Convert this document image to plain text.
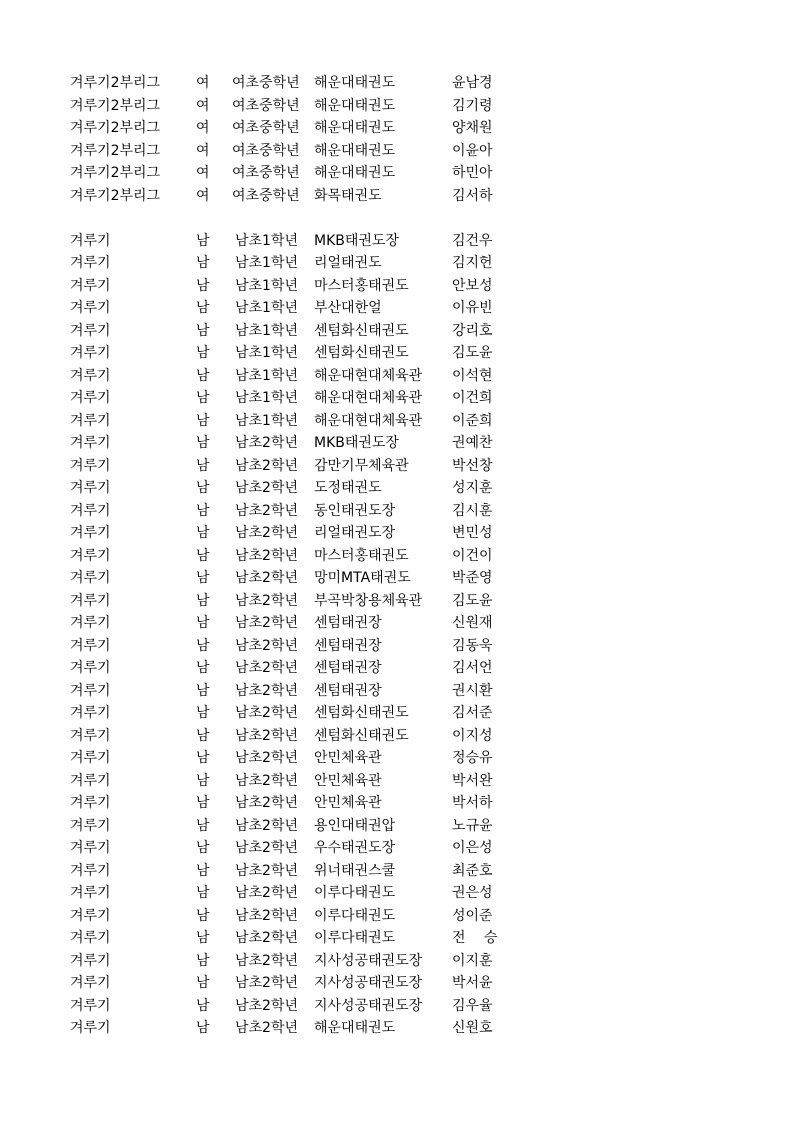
겨루기2부리그	여 여초중학년 해운대태권도	윤남경
겨루기2부리그	여 여초중학년 해운대태권도	김기령
겨루기2부리그	여 여초중학년 해운대태권도	양채원
겨루기2부리그	여 여초중학년 해운대태권도	이윤아
겨루기2부리그	여 여초중학년 해운대태권도	하민아
겨루기2부리그	여 여초중학년 화목태권도	김서하
겨루기	남 남초1학년 MKB태권도장	김건우
겨루기	남 남초1학년 리얼태권도	김지헌
겨루기	남 남초1학년 마스터홍태권도	안보성
겨루기	남 남초1학년 부산대한얼	이유빈
겨루기	남 남초1학년 센텀화신태권도	강리호
겨루기	남 남초1학년 센텀화신태권도	김도윤
겨루기	남 남초1학년 해운대현대체육관 이석현
겨루기	남 남초1학년 해운대현대체육관 이건희
겨루기	남 남초1학년 해운대현대체육관 이준희
겨루기	남 남초2학년 MKB태권도장	권예찬
겨루기	남 남초2학년 감만기무체육관	박선창
겨루기	남 남초2학년 도정태권도	성지훈
겨루기	남 남초2학년 동인태권도장	김시훈
겨루기	남 남초2학년 리얼태권도장	변민성
겨루기	남 남초2학년 마스터홍태권도	이건이
겨루기	남 남초2학년 망미MTA태권도	박준영
겨루기	남 남초2학년 부곡박창용체육관 김도윤
겨루기	남 남초2학년 센텀태권장	신원재
겨루기	남 남초2학년 센텀태권장	김동욱
겨루기	남 남초2학년 센텀태권장	김서언
겨루기	남 남초2학년 센텀태권장	권시환
겨루기	남 남초2학년 센텀화신태권도	김서준
겨루기	남 남초2학년 센텀화신태권도	이지성
겨루기	남 남초2학년 안민체육관	정승유
겨루기	남 남초2학년 안민체육관	박서완
겨루기	남 남초2학년 안민체육관	박서하
겨루기	남 남초2학년 용인대태권압	노규윤
겨루기	남 남초2학년 우수태권도장	이은성
겨루기	남 남초2학년 위너태권스쿨	최준호
겨루기	남 남초2학년 이루다태권도	권은성
겨루기	남 남초2학년 이루다태권도	성이준
겨루기	남 남초2학년 이루다태권도	전　 승
겨루기	남 남초2학년 지사성공태권도장 이지훈
겨루기	남 남초2학년 지사성공태권도장 박서윤
겨루기	남 남초2학년 지사성공태권도장 김우율
겨루기	남 남초2학년 해운대태권도	신원호
